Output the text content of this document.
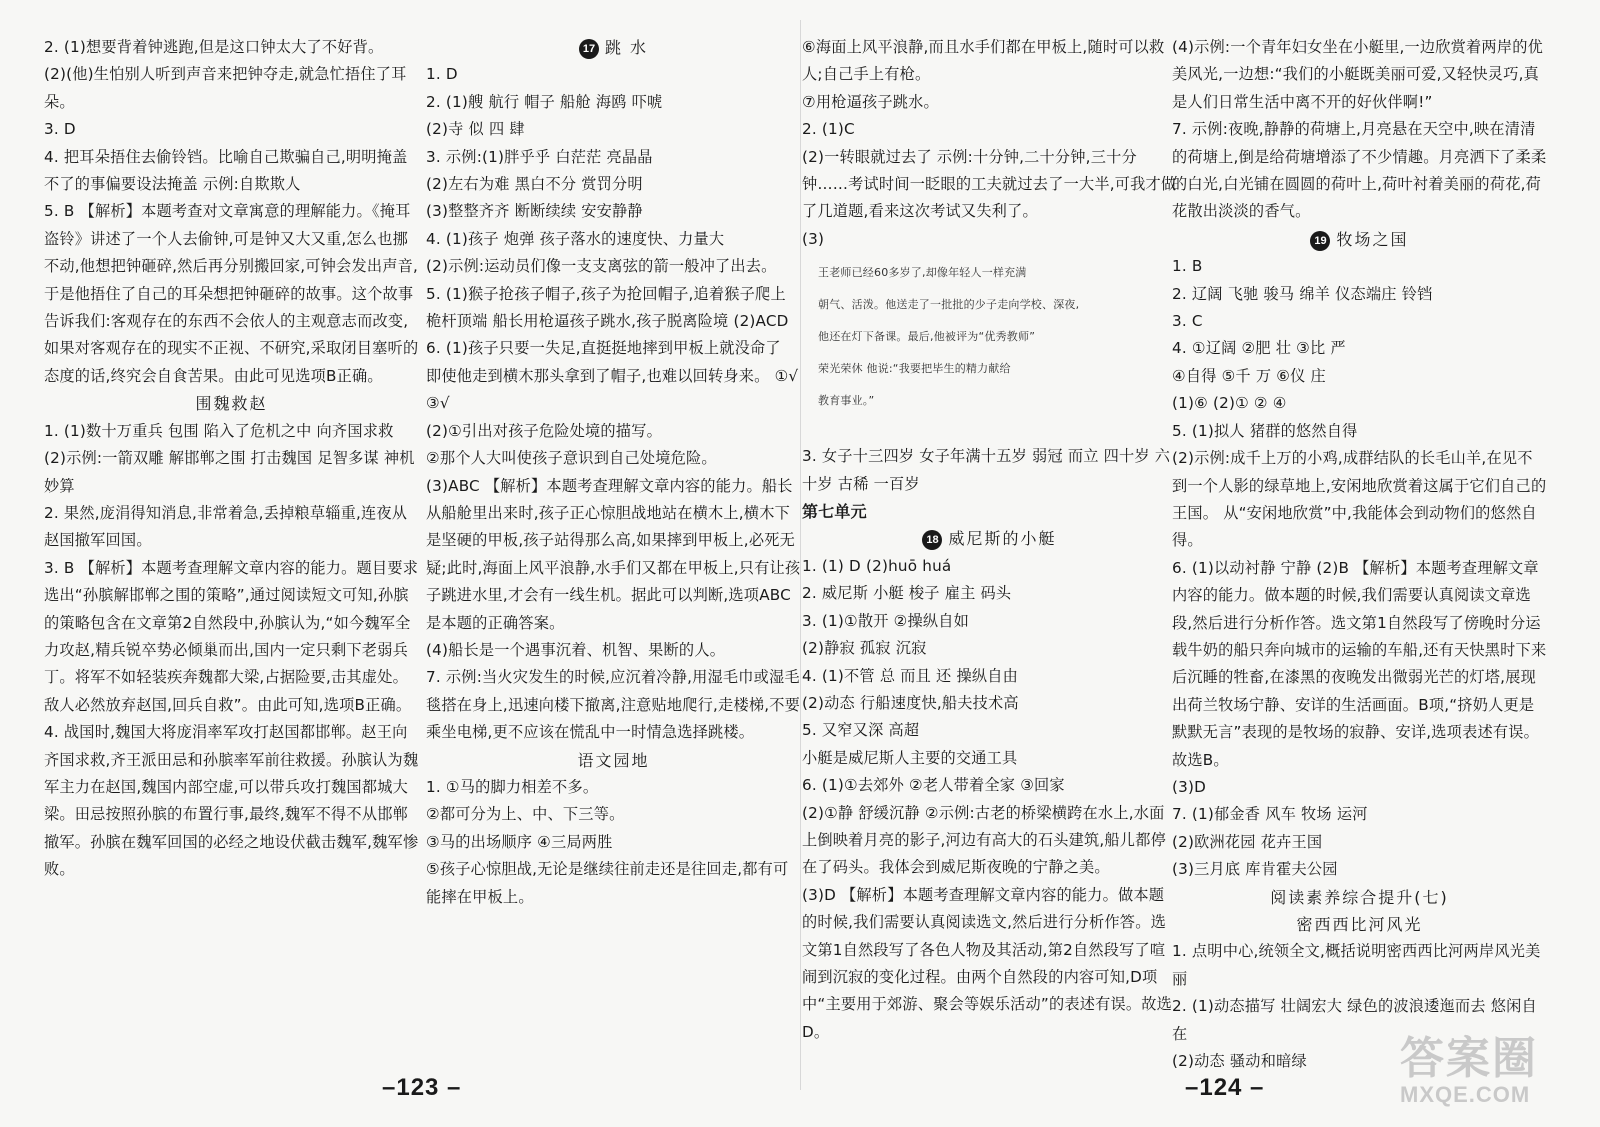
2. (1)想要背着钟逃跑,但是这口钟太大了不好背。

(2)(他)生怕别人听到声音来把钟夺走,就急忙捂住了耳朵。

3. D

4. 把耳朵捂住去偷铃铛。比喻自己欺骗自己,明明掩盖不了的事偏要设法掩盖 示例:自欺欺人

5. B 【解析】本题考查对文章寓意的理解能力。《掩耳盗铃》讲述了一个人去偷钟,可是钟又大又重,怎么也挪不动,他想把钟砸碎,然后再分别搬回家,可钟会发出声音,于是他捂住了自己的耳朵想把钟砸碎的故事。这个故事告诉我们:客观存在的东西不会依人的主观意志而改变,如果对客观存在的现实不正视、不研究,采取闭目塞听的态度的话,终究会自食苦果。由此可见选项B正确。

围魏救赵

1. (1)数十万重兵 包围 陷入了危机之中 向齐国求救

(2)示例:一箭双雕 解邯郸之围 打击魏国 足智多谋 神机妙算

2. 果然,庞涓得知消息,非常着急,丢掉粮草辎重,连夜从赵国撤军回国。

3. B 【解析】本题考查理解文章内容的能力。题目要求选出“孙膑解邯郸之围的策略”,通过阅读短文可知,孙膑的策略包含在文章第2自然段中,孙膑认为,“如今魏军全力攻赵,精兵锐卒势必倾巢而出,国内一定只剩下老弱兵丁。将军不如轻装疾奔魏都大梁,占据险要,击其虚处。敌人必然放弃赵国,回兵自救”。由此可知,选项B正确。

4. 战国时,魏国大将庞涓率军攻打赵国都邯郸。赵王向齐国求救,齐王派田忌和孙膑率军前往救援。孙膑认为魏军主力在赵国,魏国内部空虚,可以带兵攻打魏国都城大梁。田忌按照孙膑的布置行事,最终,魏军不得不从邯郸撤军。孙膑在魏军回国的必经之地设伏截击魏军,魏军惨败。

17 跳 水

1. D

2. (1)艘 航行 帽子 船舱 海鸥 吓唬

(2)寺 似 四 肆

3. 示例:(1)胖乎乎 白茫茫 亮晶晶

(2)左右为难 黑白不分 赏罚分明

(3)整整齐齐 断断续续 安安静静

4. (1)孩子 炮弹 孩子落水的速度快、力量大

(2)示例:运动员们像一支支离弦的箭一般冲了出去。

5. (1)猴子抢孩子帽子,孩子为抢回帽子,追着猴子爬上桅杆顶端 船长用枪逼孩子跳水,孩子脱离险境 (2)ACD

6. (1)孩子只要一失足,直挺挺地摔到甲板上就没命了 即使他走到横木那头拿到了帽子,也难以回转身来。 ①√ ③√

(2)①引出对孩子危险处境的描写。

②那个人大叫使孩子意识到自己处境危险。

(3)ABC 【解析】本题考查理解文章内容的能力。船长从船舱里出来时,孩子正心惊胆战地站在横木上,横木下是坚硬的甲板,孩子站得那么高,如果摔到甲板上,必死无疑;此时,海面上风平浪静,水手们又都在甲板上,只有让孩子跳进水里,才会有一线生机。据此可以判断,选项ABC是本题的正确答案。

(4)船长是一个遇事沉着、机智、果断的人。

7. 示例:当火灾发生的时候,应沉着冷静,用湿毛巾或湿毛毯搭在身上,迅速向楼下撤离,注意贴地爬行,走楼梯,不要乘坐电梯,更不应该在慌乱中一时情急选择跳楼。

语文园地

1. ①马的脚力相差不多。

②都可分为上、中、下三等。

③马的出场顺序 ④三局两胜

⑤孩子心惊胆战,无论是继续往前走还是往回走,都有可能摔在甲板上。

–123 –

⑥海面上风平浪静,而且水手们都在甲板上,随时可以救人;自己手上有枪。

⑦用枪逼孩子跳水。

2. (1)C

(2)一转眼就过去了 示例:十分钟,二十分钟,三十分钟……考试时间一眨眼的工夫就过去了一大半,可我才做了几道题,看来这次考试又失利了。

(3)

王老师已经60多岁了,却像年轻人一样充满
朝气、活泼。他送走了一批批的少子走向学校、深夜,
他还在灯下备课。最后,他被评为“优秀教师”
荣光荣休 他说:“我要把毕生的精力献给
教育事业。”

3. 女子十三四岁 女子年满十五岁 弱冠 而立 四十岁 六十岁 古稀 一百岁

第七单元

18 威尼斯的小艇

1. (1) D (2)huō huá

2. 威尼斯 小艇 梭子 雇主 码头

3. (1)①散开 ②操纵自如

(2)静寂 孤寂 沉寂

4. (1)不管 总 而且 还 操纵自由

(2)动态 行船速度快,船夫技术高

5. 又窄又深 高超

小艇是威尼斯人主要的交通工具

6. (1)①去郊外 ②老人带着全家 ③回家

(2)①静 舒缓沉静 ②示例:古老的桥梁横跨在水上,水面上倒映着月亮的影子,河边有高大的石头建筑,船儿都停在了码头。我体会到威尼斯夜晚的宁静之美。

(3)D 【解析】本题考查理解文章内容的能力。做本题的时候,我们需要认真阅读选文,然后进行分析作答。选文第1自然段写了各色人物及其活动,第2自然段写了喧闹到沉寂的变化过程。由两个自然段的内容可知,D项中“主要用于郊游、聚会等娱乐活动”的表述有误。故选D。

(4)示例:一个青年妇女坐在小艇里,一边欣赏着两岸的优美风光,一边想:“我们的小艇既美丽可爱,又轻快灵巧,真是人们日常生活中离不开的好伙伴啊!”

7. 示例:夜晚,静静的荷塘上,月亮悬在天空中,映在清清的荷塘上,倒是给荷塘增添了不少情趣。月亮洒下了柔柔的白光,白光铺在圆圆的荷叶上,荷叶衬着美丽的荷花,荷花散出淡淡的香气。

19 牧场之国

1. B

2. 辽阔 飞驰 骏马 绵羊 仪态端庄 铃铛

3. C

4. ①辽阔 ②肥 壮 ③比 严

④自得 ⑤千 万 ⑥仪 庄

(1)⑥ (2)① ② ④

5. (1)拟人 猪群的悠然自得

(2)示例:成千上万的小鸡,成群结队的长毛山羊,在见不到一个人影的绿草地上,安闲地欣赏着这属于它们自己的王国。 从“安闲地欣赏”中,我能体会到动物们的悠然自得。

6. (1)以动衬静 宁静 (2)B 【解析】本题考查理解文章内容的能力。做本题的时候,我们需要认真阅读文章选段,然后进行分析作答。选文第1自然段写了傍晚时分运载牛奶的船只奔向城市的运输的车船,还有天快黑时下来后沉睡的牲畜,在漆黑的夜晚发出微弱光芒的灯塔,展现出荷兰牧场宁静、安详的生活画面。B项,“挤奶人更是默默无言”表现的是牧场的寂静、安详,选项表述有误。故选B。

(3)D

7. (1)郁金香 风车 牧场 运河

(2)欧洲花园 花卉王国

(3)三月底 库肯霍夫公园

阅读素养综合提升(七)

密西西比河风光

1. 点明中心,统领全文,概括说明密西西比河两岸风光美丽

2. (1)动态描写 壮阔宏大 绿色的波浪逶迤而去 悠闲自在

(2)动态 骚动和暗绿

–124 –
答案圈
MXQE.COM
